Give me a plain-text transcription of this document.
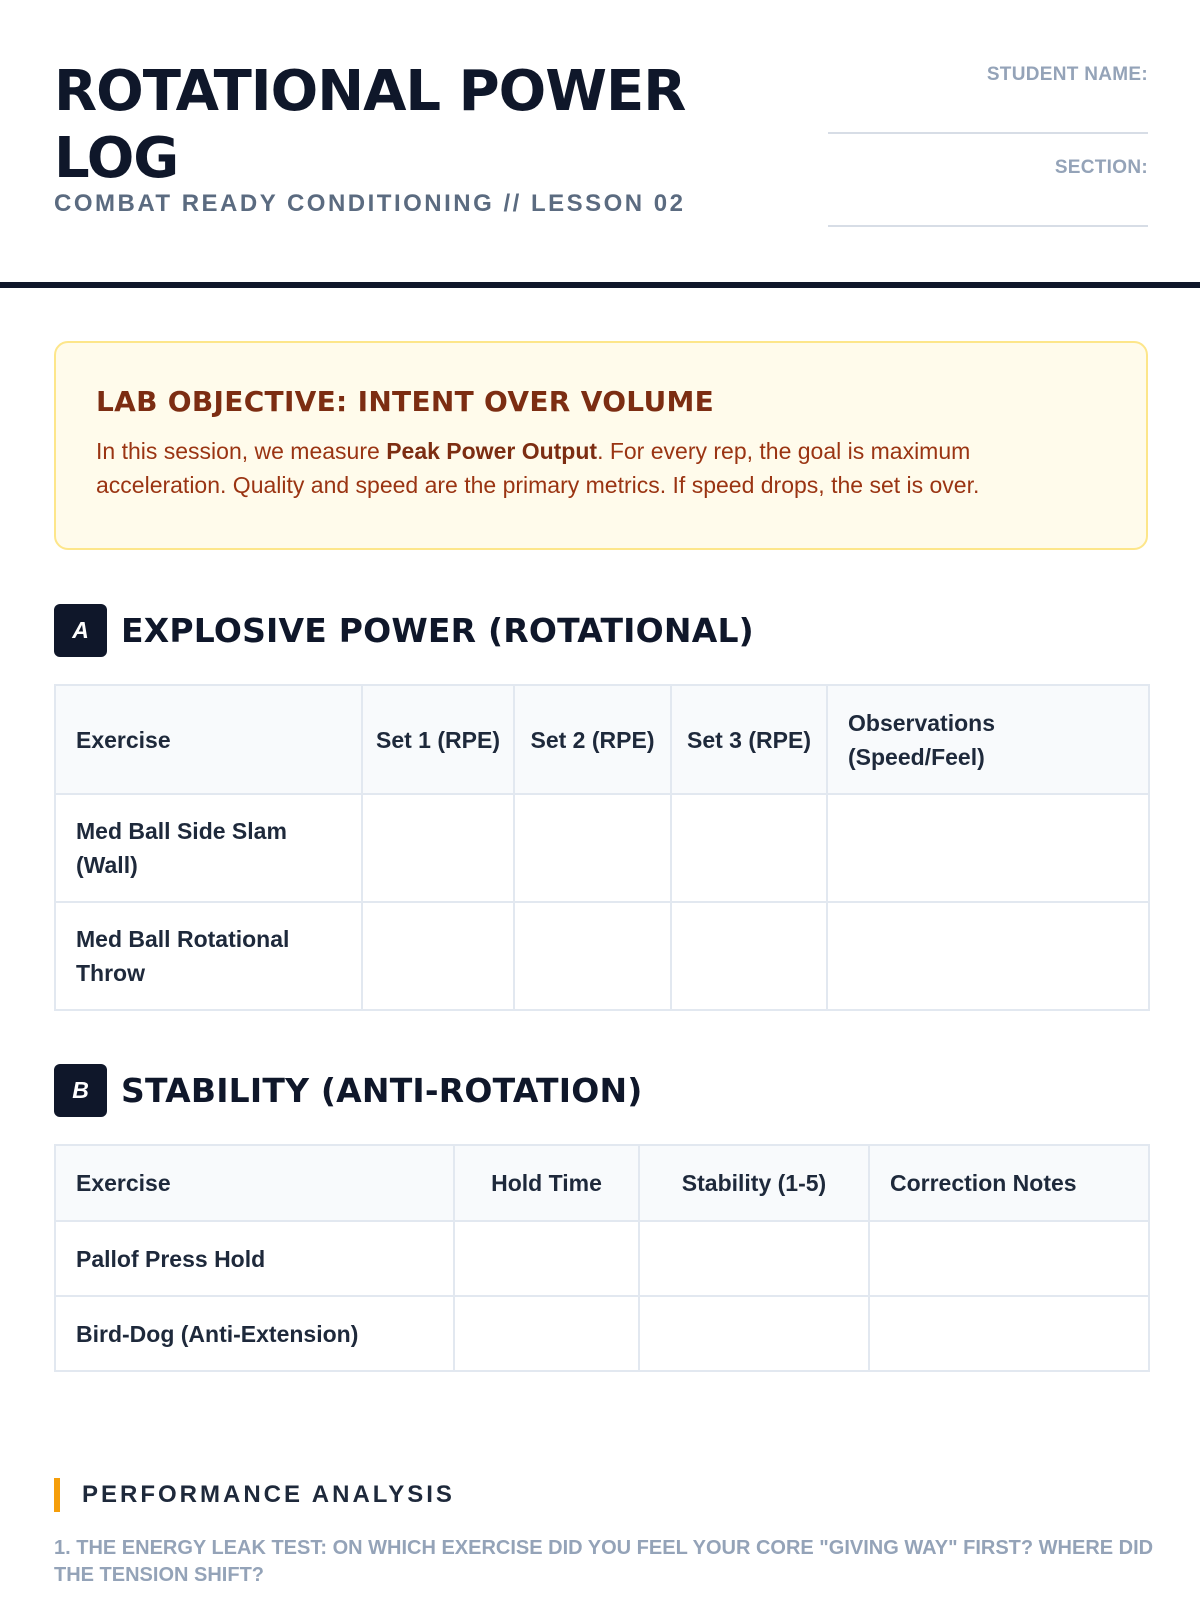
ROTATIONAL POWER LOG
COMBAT READY CONDITIONING // LESSON 02
STUDENT NAME:
SECTION:
LAB OBJECTIVE: INTENT OVER VOLUME

In this session, we measure Peak Power Output. For every rep, the goal is maximum acceleration. Quality and speed are the primary metrics. If speed drops, the set is over.

A EXPLOSIVE POWER (ROTATIONAL)
Exercise	Set 1 (RPE)	Set 2 (RPE)	Set 3 (RPE)	Observations (Speed/Feel)
Med Ball Side Slam (Wall)				
Med Ball Rotational Throw				
B STABILITY (ANTI-ROTATION)
Exercise	Hold Time	Stability (1-5)	Correction Notes
Pallof Press Hold			
Bird-Dog (Anti-Extension)			
PERFORMANCE ANALYSIS

1. THE ENERGY LEAK TEST: ON WHICH EXERCISE DID YOU FEEL YOUR CORE "GIVING WAY" FIRST? WHERE DID THE TENSION SHIFT?
